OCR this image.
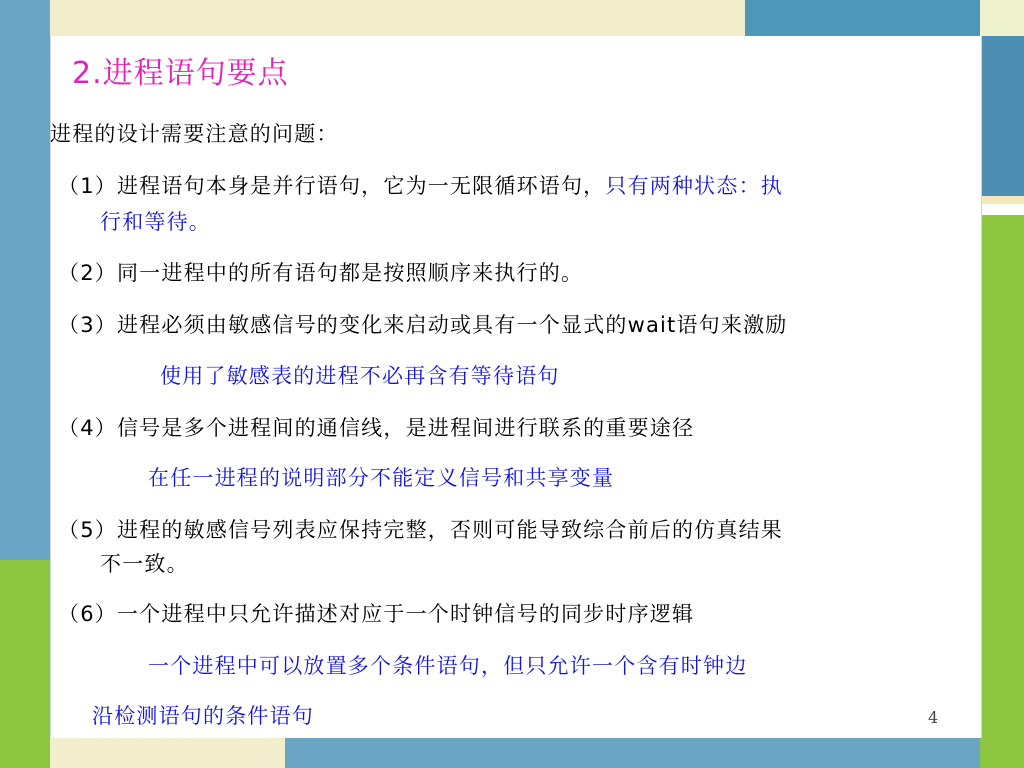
2.进程语句要点
进程的设计需要注意的问题：
（1）进程语句本身是并行语句，它为一无限循环语句，只有两种状态：执
行和等待。
（2）同一进程中的所有语句都是按照顺序来执行的。
（3）进程必须由敏感信号的变化来启动或具有一个显式的wait语句来激励
使用了敏感表的进程不必再含有等待语句
（4）信号是多个进程间的通信线，是进程间进行联系的重要途径
在任一进程的说明部分不能定义信号和共享变量
（5）进程的敏感信号列表应保持完整，否则可能导致综合前后的仿真结果
不一致。
（6）一个进程中只允许描述对应于一个时钟信号的同步时序逻辑
一个进程中可以放置多个条件语句，但只允许一个含有时钟边
沿检测语句的条件语句	4
